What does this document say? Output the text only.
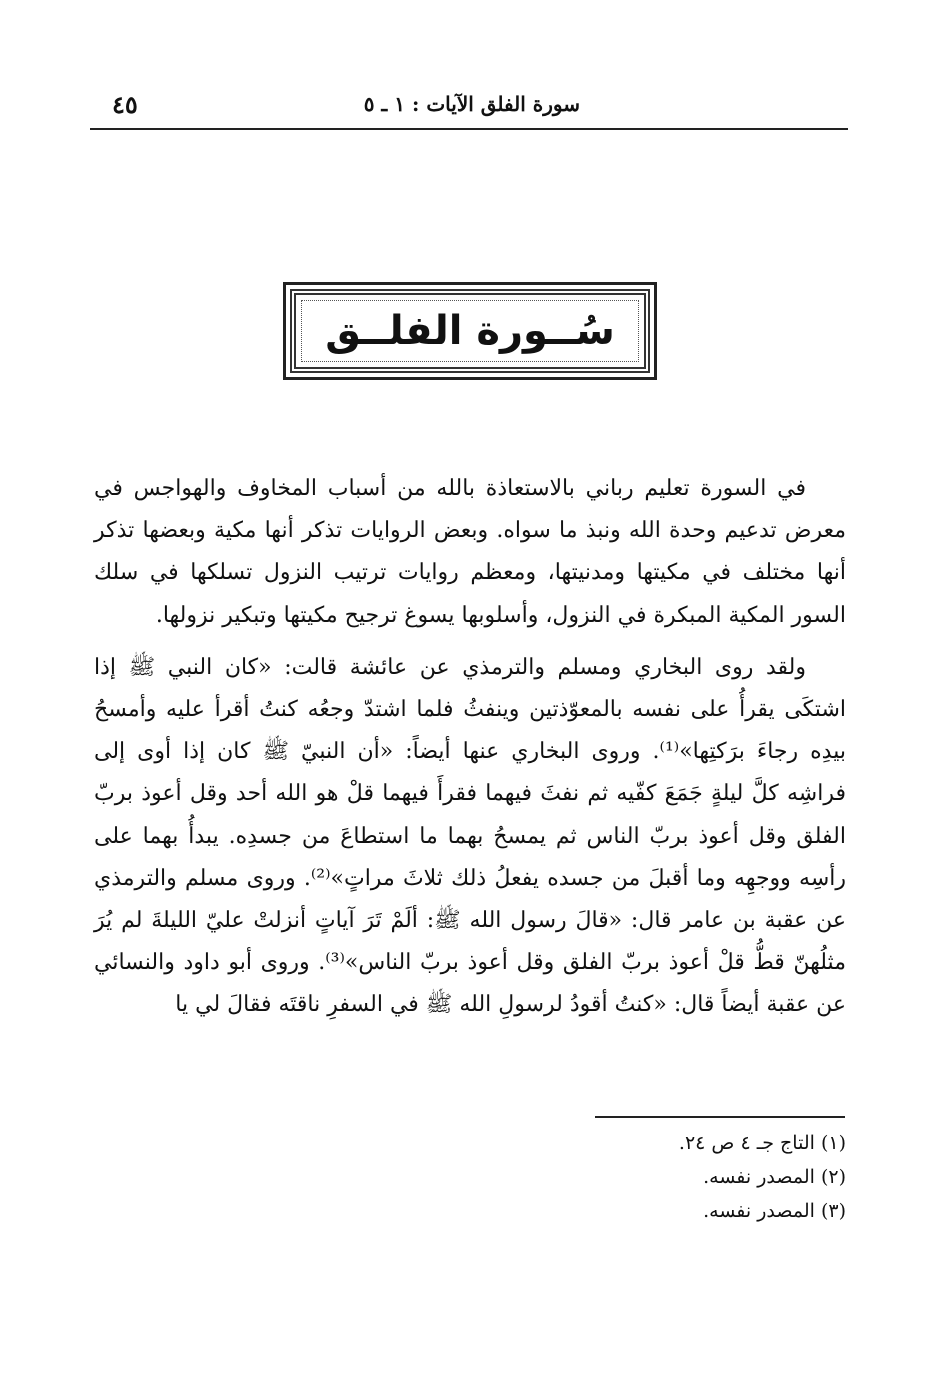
سورة الفلق الآيات : ١ ـ ٥
٤٥
سُــورة الفلــق

في السورة تعليم رباني بالاستعاذة بالله من أسباب المخاوف والهواجس في معرض تدعيم وحدة الله ونبذ ما سواه. وبعض الروايات تذكر أنها مكية وبعضها تذكر أنها مختلف في مكيتها ومدنيتها، ومعظم روايات ترتيب النزول تسلكها في سلك السور المكية المبكرة في النزول، وأسلوبها يسوغ ترجيح مكيتها وتبكير نزولها.

ولقد روى البخاري ومسلم والترمذي عن عائشة قالت: «كان النبي ﷺ إذا اشتكَى يقرأُ على نفسه بالمعوّذتين وينفثُ فلما اشتدّ وجعُه كنتُ أقرأ عليه وأمسحُ بيدِه رجاءَ برَكتِها»⁽¹⁾. وروى البخاري عنها أيضاً: «أن النبيّ ﷺ كان إذا أوى إلى فراشِه كلَّ ليلةٍ جَمَعَ كفّيه ثم نفثَ فيهما فقرأَ فيهما قلْ هو الله أحد وقل أعوذ بربّ الفلق وقل أعوذ بربّ الناس ثم يمسحُ بهما ما استطاعَ من جسدِه. يبدأُ بهما على رأسِه ووجهِه وما أقبلَ من جسده يفعلُ ذلك ثلاثَ مراتٍ»⁽²⁾. وروى مسلم والترمذي عن عقبة بن عامر قال: «قالَ رسول الله ﷺ: ألَمْ تَرَ آياتٍ أنزلتْ عليّ الليلةَ لم يُرَ مثلُهنّ قطُّ قلْ أعوذ بربّ الفلق وقل أعوذ بربّ الناس»⁽³⁾. وروى أبو داود والنسائي عن عقبة أيضاً قال: «كنتُ أقودُ لرسولِ الله ﷺ في السفرِ ناقتَه فقالَ لي يا

(١) التاج جـ ٤ ص ٢٤.
(٢) المصدر نفسه.
(٣) المصدر نفسه.
